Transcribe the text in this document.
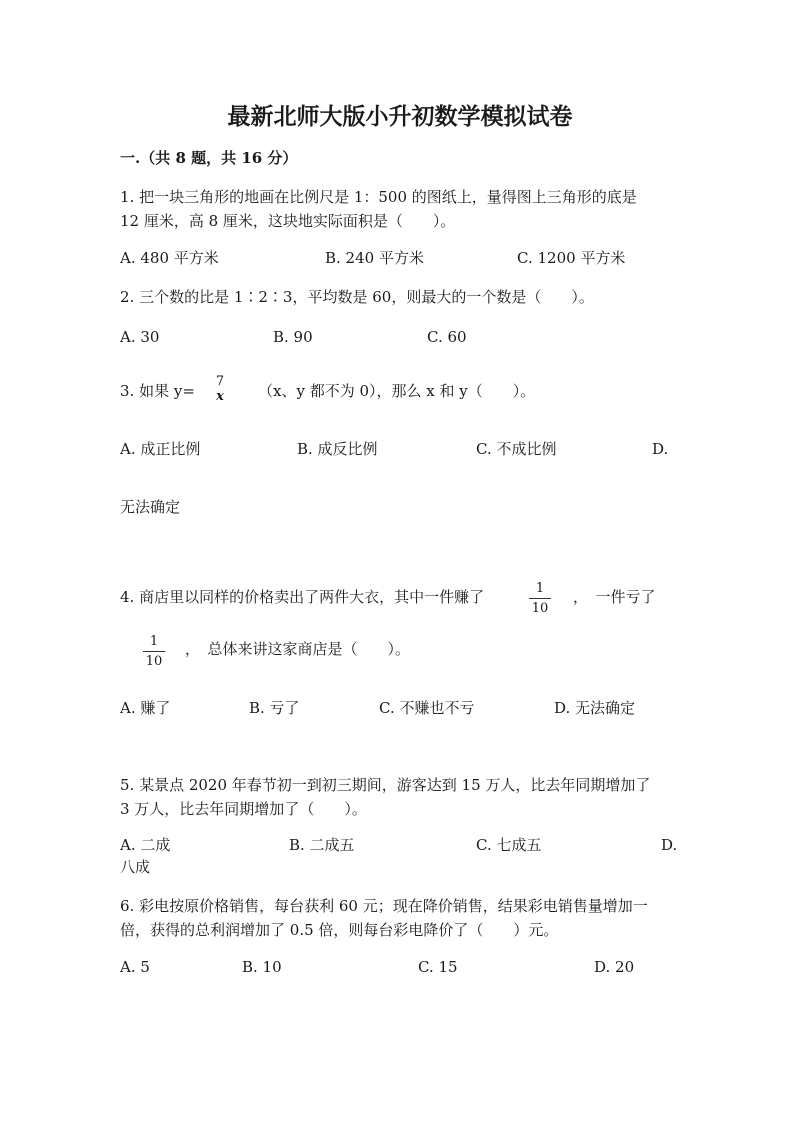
最新北师大版小升初数学模拟试卷
一.（共 8 题，共 16 分）
1. 把一块三角形的地画在比例尺是 1：500 的图纸上，量得图上三角形的底是
12 厘米，高 8 厘米，这块地实际面积是（　　）。
A. 480 平方米	B. 240 平方米	C. 1200 平方米
2. 三个数的比是 1∶2∶3，平均数是 60，则最大的一个数是（　　）。
A. 30	B. 90	C. 60
3. 如果 y=
7
x （x、y 都不为 0），那么 x 和 y（　　）。
A. 成正比例	B. 成反比例	C. 不成比例	D.
无法确定
4. 商店里以同样的价格卖出了两件大衣，其中一件赚了	1
10
，　一件亏了
1
10
，　总体来讲这家商店是（　　）。
A. 赚了	B. 亏了	C. 不赚也不亏	D. 无法确定
5. 某景点 2020 年春节初一到初三期间，游客达到 15 万人，比去年同期增加了
3 万人，比去年同期增加了（　　）。
A. 二成	B. 二成五	C. 七成五	D.
八成
6. 彩电按原价格销售，每台获利 60 元；现在降价销售，结果彩电销售量增加一
倍，获得的总利润增加了 0.5 倍，则每台彩电降价了（　　）元。
A. 5	B. 10	C. 15	D. 20
